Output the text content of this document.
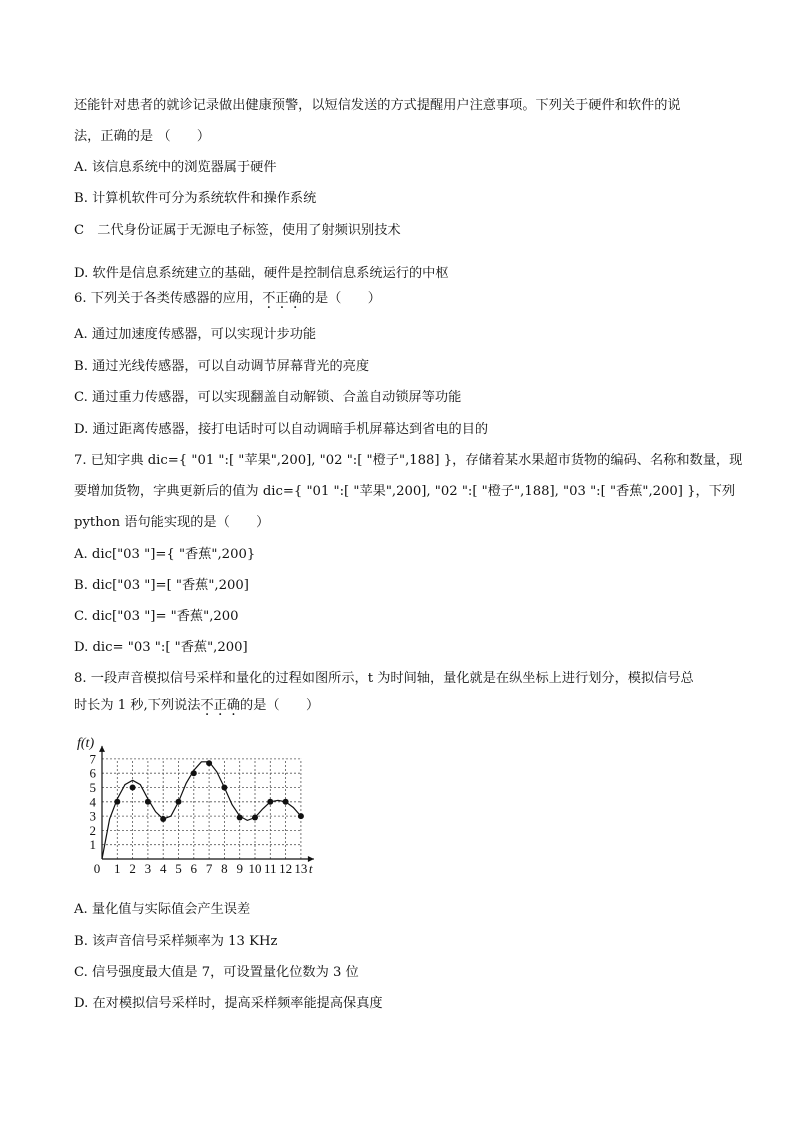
还能针对患者的就诊记录做出健康预警，以短信发送的方式提醒用户注意事项。下列关于硬件和软件的说
法，正确的是 （　　）
A. 该信息系统中的浏览器属于硬件
B. 计算机软件可分为系统软件和操作系统
C　二代身份证属于无源电子标签，使用了射频识别技术
D. 软件是信息系统建立的基础，硬件是控制信息系统运行的中枢
6. 下列关于各类传感器的应用，不正确的是（　　）
A. 通过加速度传感器，可以实现计步功能
B. 通过光线传感器，可以自动调节屏幕背光的亮度
C. 通过重力传感器，可以实现翻盖自动解锁、合盖自动锁屏等功能
D. 通过距离传感器，接打电话时可以自动调暗手机屏幕达到省电的目的
7. 已知字典 dic={ "01 ":[ "苹果",200], "02 ":[ "橙子",188] }，存储着某水果超市货物的编码、名称和数量，现
要增加货物，字典更新后的值为 dic={ "01 ":[ "苹果",200], "02 ":[ "橙子",188], "03 ":[ "香蕉",200] }，下列
python 语句能实现的是（　　）
A. dic["03 "]={ "香蕉",200}
B. dic["03 "]=[ "香蕉",200]
C. dic["03 "]= "香蕉",200
D. dic= "03 ":[ "香蕉",200]
8. 一段声音模拟信号采样和量化的过程如图所示，t 为时间轴，量化就是在纵坐标上进行划分，模拟信号总
时长为 1 秒,下列说法不正确的是（　　）
0 1 2 3 4 5 6 7 8 9 10 11 12 13
1
2
3
4
5
6
7
f(t)
t
A. 量化值与实际值会产生误差
B. 该声音信号采样频率为 13 KHz
C. 信号强度最大值是 7，可设置量化位数为 3 位
D. 在对模拟信号采样时，提高采样频率能提高保真度
